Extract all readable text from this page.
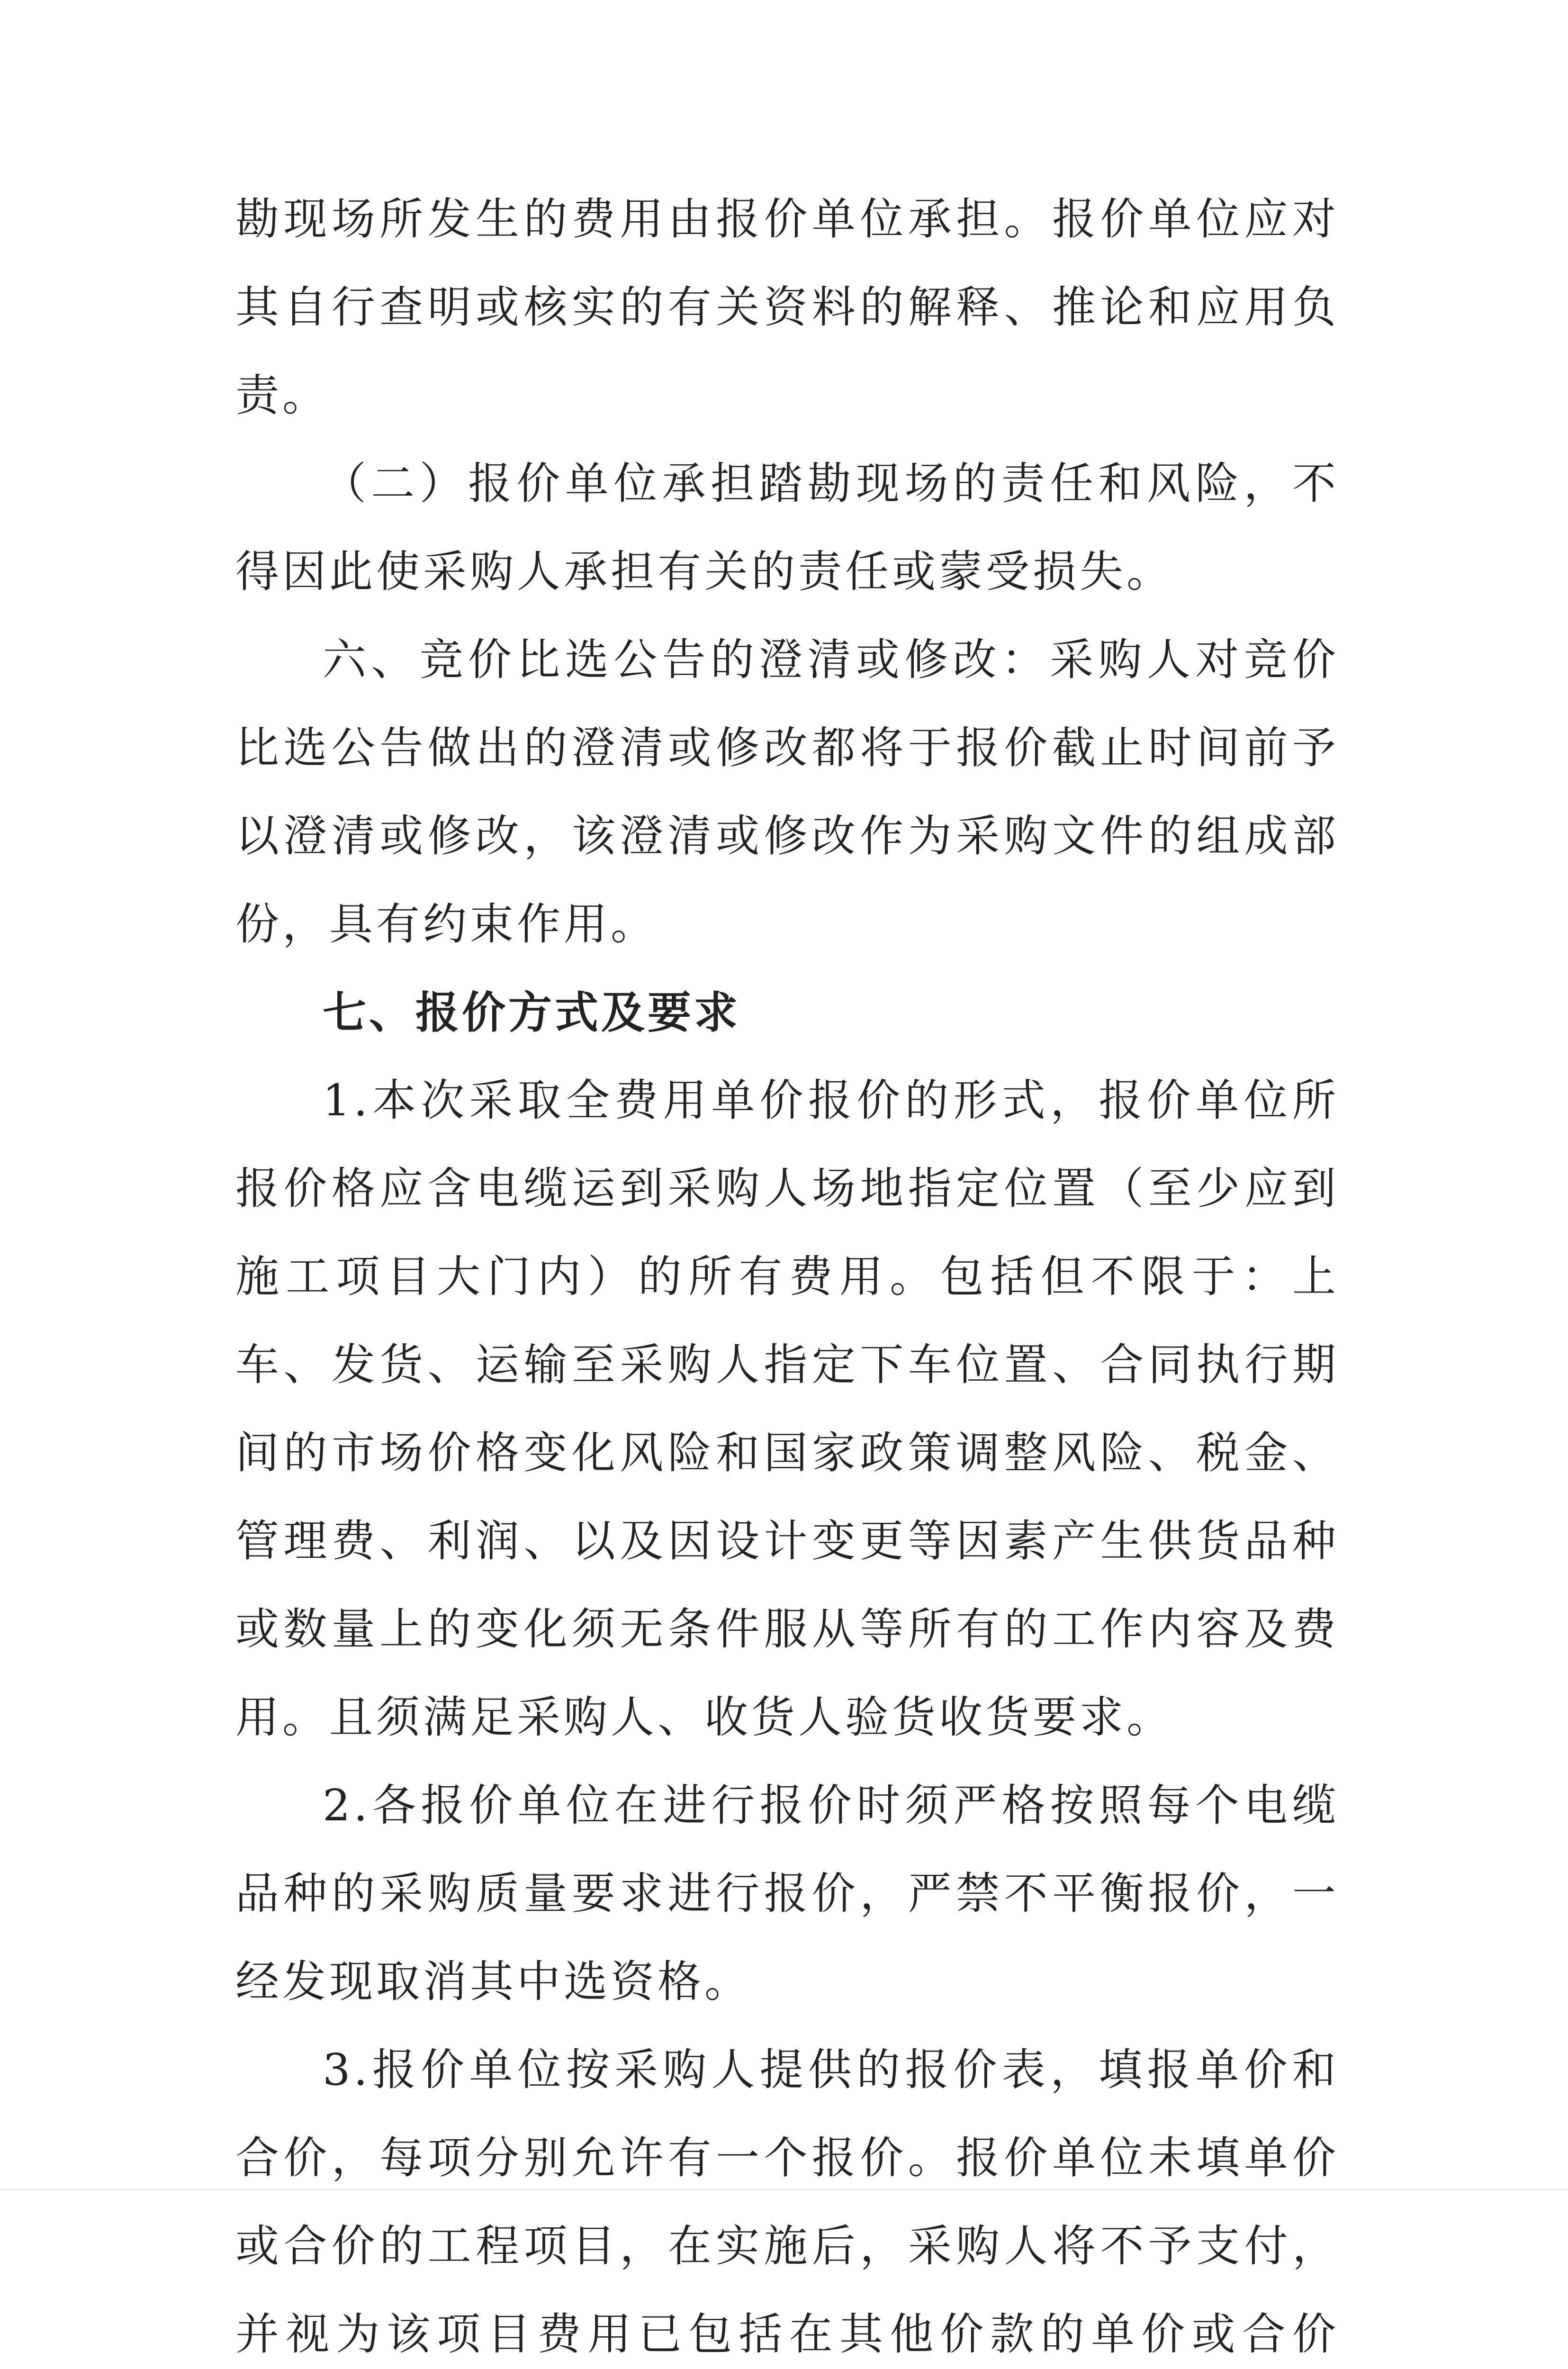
勘现场所发生的费用由报价单位承担。报价单位应对其自行查明或核实的有关资料的解释、推论和应用负责。

（二）报价单位承担踏勘现场的责任和风险，不得因此使采购人承担有关的责任或蒙受损失。

六、竞价比选公告的澄清或修改：采购人对竞价比选公告做出的澄清或修改都将于报价截止时间前予以澄清或修改，该澄清或修改作为采购文件的组成部份，具有约束作用。

七、报价方式及要求

1.本次采取全费用单价报价的形式，报价单位所报价格应含电缆运到采购人场地指定位置（至少应到施工项目大门内）的所有费用。包括但不限于：上车、发货、运输至采购人指定下车位置、合同执行期间的市场价格变化风险和国家政策调整风险、税金、管理费、利润、以及因设计变更等因素产生供货品种或数量上的变化须无条件服从等所有的工作内容及费用。且须满足采购人、收货人验货收货要求。

2.各报价单位在进行报价时须严格按照每个电缆品种的采购质量要求进行报价，严禁不平衡报价，一经发现取消其中选资格。

3.报价单位按采购人提供的报价表，填报单价和合价，每项分别允许有一个报价。报价单位未填单价或合价的工程项目，在实施后，采购人将不予支付，并视为该项目费用已包括在其他价款的单价或合价
